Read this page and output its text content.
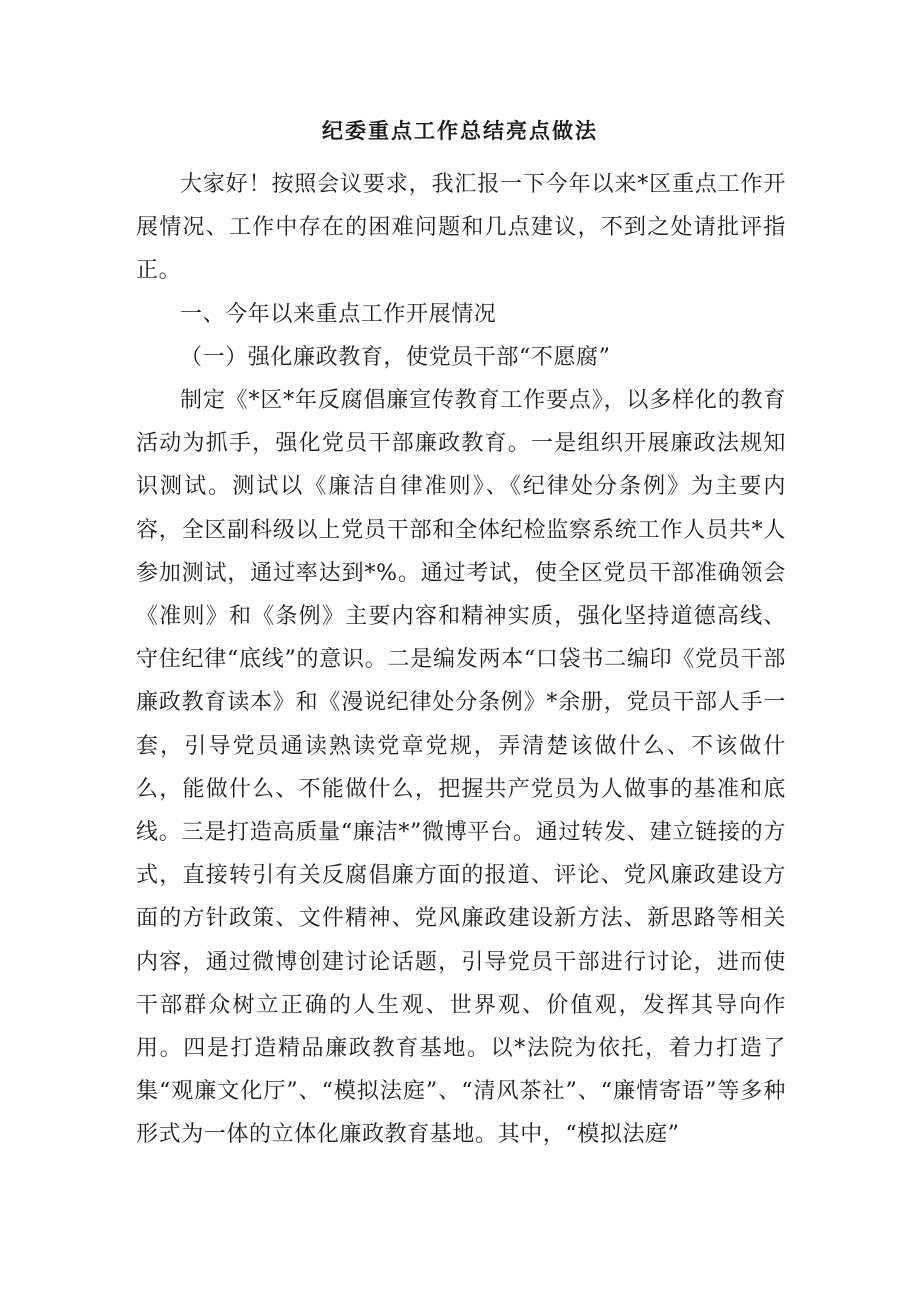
纪委重点工作总结亮点做法

大家好！按照会议要求，我汇报一下今年以来*区重点工作开展情况、工作中存在的困难问题和几点建议，不到之处请批评指正。

一、今年以来重点工作开展情况

（一）强化廉政教育，使党员干部“不愿腐”

制定《*区*年反腐倡廉宣传教育工作要点》，以多样化的教育活动为抓手，强化党员干部廉政教育。一是组织开展廉政法规知识测试。测试以《廉洁自律准则》、《纪律处分条例》为主要内容，全区副科级以上党员干部和全体纪检监察系统工作人员共*人参加测试，通过率达到*%。通过考试，使全区党员干部准确领会《准则》和《条例》主要内容和精神实质，强化坚持道德高线、守住纪律“底线”的意识。二是编发两本“口袋书二编印《党员干部廉政教育读本》和《漫说纪律处分条例》*余册，党员干部人手一套，引导党员通读熟读党章党规，弄清楚该做什么、不该做什么，能做什么、不能做什么，把握共产党员为人做事的基准和底线。三是打造高质量“廉洁*”微博平台。通过转发、建立链接的方式，直接转引有关反腐倡廉方面的报道、评论、党风廉政建设方面的方针政策、文件精神、党风廉政建设新方法、新思路等相关内容，通过微博创建讨论话题，引导党员干部进行讨论，进而使干部群众树立正确的人生观、世界观、价值观，发挥其导向作用。四是打造精品廉政教育基地。以*法院为依托，着力打造了集“观廉文化厅”、“模拟法庭”、“清风茶社”、“廉情寄语”等多种形式为一体的立体化廉政教育基地。其中，“模拟法庭”
